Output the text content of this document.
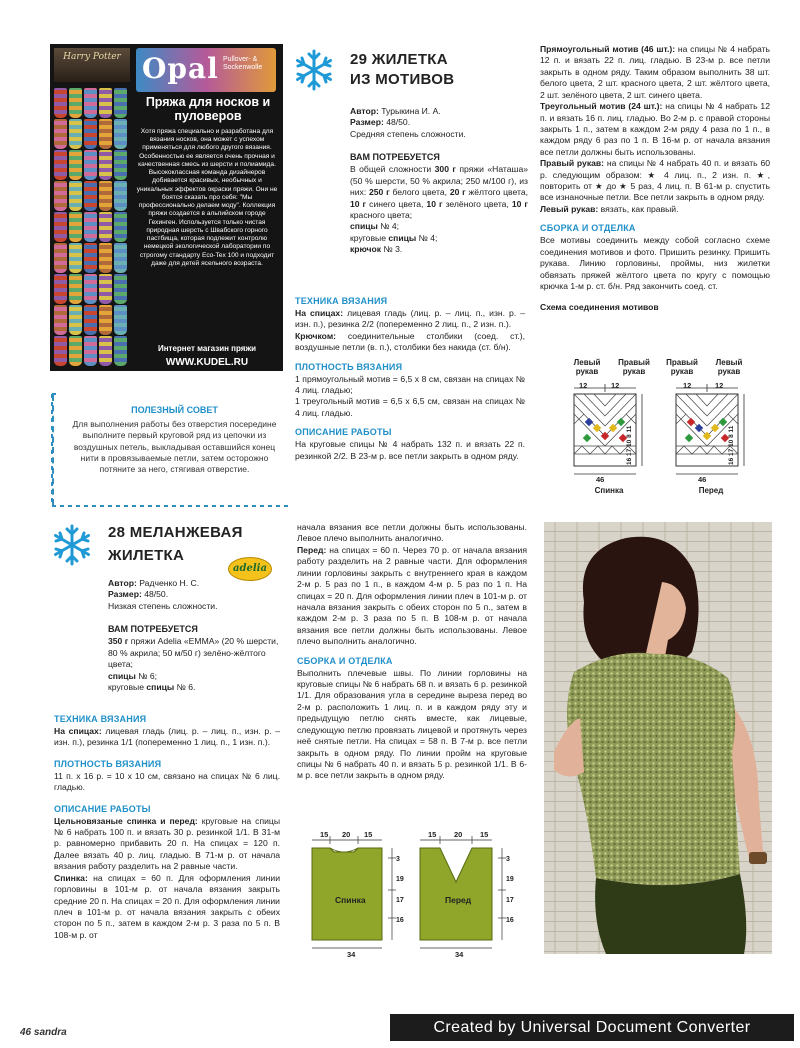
Harry Potter Opal Pullover- & Sockenwolle
Пряжа для носков и пуловеров
Хотя пряжа специально и разработана для вязания носков, она может с успехом применяться для любого другого вязания. Особенностью ее является очень прочная и качественная смесь из шерсти и полиамида. Высококлассная команда дизайнеров добивается красивых, необычных и уникальных эффектов окраски пряжи. Они не боятся сказать про себя: "Мы профессионально делаем моду". Коллекция пряжи создается в альпийском городе Гехинген. Используется только чистая природная шерсть с Швабского горного пастбища, которая подлежит контролю немецкой экологической лаборатории по строгому стандарту Eco-Tex 100 и подходит даже для детей ясельного возраста.
Интернет магазин пряжи
WWW.KUDEL.RU
Эксклюзивный дистрибьютер пряжи в России ООО „Тетра".
(495) 505-50-28
ПОЛЕЗНЫЙ СОВЕТ
Для выполнения работы без отверстия посередине выполните первый круговой ряд из цепочки из воздушных петель, выкладывая оставшийся конец нити в провязываемые петли, затем осторожно потяните за него, стягивая отверстие.
29 ЖИЛЕТКА
ИЗ МОТИВОВ

Автор: Турыкина И. А.

Размер: 48/50.

Средняя степень сложности.

ВАМ ПОТРЕБУЕТСЯ

В общей сложности 300 г пряжи «Наташа» (50 % шерсти, 50 % акрила; 250 м/100 г), из них: 250 г белого цвета, 20 г жёлтого цвета, 10 г синего цвета, 10 г зелёного цвета, 10 г красного цвета;

спицы № 4;

круговые спицы № 4;

крючок № 3.

ТЕХНИКА ВЯЗАНИЯ

На спицах: лицевая гладь (лиц. р. – лиц. п., изн. р. – изн. п.), резинка 2/2 (попеременно 2 лиц. п., 2 изн. п.).

Крючком: соединительные столбики (соед. ст.), воздушные петли (в. п.), столбики без накида (ст. б/н).

ПЛОТНОСТЬ ВЯЗАНИЯ

1 прямоугольный мотив = 6,5 х 8 см, связан на спицах № 4 лиц. гладью;

1 треугольный мотив = 6,5 х 6,5 см, связан на спицах № 4 лиц. гладью.

ОПИСАНИЕ РАБОТЫ

На круговые спицы № 4 набрать 132 п. и вязать 22 п. резинкой 2/2. В 23-м р. все петли закрыть в одном ряду.

Прямоугольный мотив (46 шт.): на спицы № 4 набрать 12 п. и вязать 22 п. лиц. гладью. В 23-м р. все петли закрыть в одном ряду. Таким образом выполнить 38 шт. белого цвета, 2 шт. красного цвета, 2 шт. жёлтого цвета, 2 шт. зелёного цвета, 2 шт. синего цвета.

Треугольный мотив (24 шт.): на спицы № 4 набрать 12 п. и вязать 16 п. лиц. гладью. Во 2-м р. с правой стороны закрыть 1 п., затем в каждом 2-м ряду 4 раза по 1 п., в каждом ряду 6 раз по 1 п. В 16-м р. от начала вязания все петли должны быть использованы.

Правый рукав: на спицы № 4 набрать 40 п. и вязать 60 р. следующим образом: ★ 4 лиц. п., 2 изн. п. ★, повторить от ★ до ★ 5 раз, 4 лиц. п. В 61-м р. спустить все изнаночные петли. Все петли закрыть в одном ряду.

Левый рукав: вязать, как правый.

СБОРКА И ОТДЕЛКА

Все мотивы соединить между собой согласно схеме соединения мотивов и фото. Пришить резинку. Пришить рукава. Линию горловины, проймы, низ жилетки обвязать пряжей жёлтого цвета по кругу с помощью крючка 1-м р. ст. б/н. Ряд закончить соед. ст.

Схема соединения мотивов

Левый рукав
Правый рукав
Правый рукав
Левый рукав
12	12	12	12
46	46
16 17 10 8 11	16 17 10 8 11
Спинка	Перед
28 МЕЛАНЖЕВАЯ
ЖИЛЕТКА
adelia

Автор: Радченко Н. С.

Размер: 48/50.

Низкая степень сложности.

ВАМ ПОТРЕБУЕТСЯ

350 г пряжи Adelia «EMMA» (20 % шерсти, 80 % акрила; 50 м/50 г) зелёно-жёлтого цвета;

спицы № 6;

круговые спицы № 6.

ТЕХНИКА ВЯЗАНИЯ

На спицах: лицевая гладь (лиц. р. – лиц. п., изн. р. – изн. п.), резинка 1/1 (попеременно 1 лиц. п., 1 изн. п.).

ПЛОТНОСТЬ ВЯЗАНИЯ

11 п. х 16 р. = 10 х 10 см, связано на спицах № 6 лиц. гладью.

ОПИСАНИЕ РАБОТЫ

Цельновязаные спинка и перед: круговые на спицы № 6 набрать 100 п. и вязать 30 р. резинкой 1/1. В 31-м р. равномерно прибавить 20 п. На спицах = 120 п. Далее вязать 40 р. лиц. гладью. В 71-м р. от начала вязания работу разделить на 2 равные части.

Спинка: на спицах = 60 п. Для оформления линии горловины в 101-м р. от начала вязания закрыть средние 20 п. На спицах = 20 п. Для оформления линии плеч в 101-м р. от начала вязания закрыть с обеих сторон по 5 п., затем в каждом 2-м р. 3 раза по 5 п. В 108-м р. от

начала вязания все петли должны быть использованы. Левое плечо выполнить аналогично.

Перед: на спицах = 60 п. Через 70 р. от начала вязания работу разделить на 2 равные части. Для оформления линии горловины закрыть с внутреннего края в каждом 2-м р. 5 раз по 1 п., в каждом 4-м р. 5 раз по 1 п. На спицах = 20 п. Для оформления линии плеч в 101-м р. от начала вязания закрыть с обеих сторон по 5 п., затем в каждом 2-м р. 3 раза по 5 п. В 108-м р. от начала вязания все петли должны быть использованы. Левое плечо выполнить аналогично.

СБОРКА И ОТДЕЛКА

Выполнить плечевые швы. По линии горловины на круговые спицы № 6 набрать 68 п. и вязать 6 р. резинкой 1/1. Для образования угла в середине выреза перед во 2-м р. расположить 1 лиц. п. и в каждом ряду эту и предыдущую петлю снять вместе, как лицевые, следующую петлю провязать лицевой и протянуть через неё снятые петли. На спицах = 58 п. В 7-м р. все петли закрыть в одном ряду. По линии пройм на круговые спицы № 6 набрать 40 п. и вязать 5 р. резинкой 1/1. В 6-м р. все петли закрыть в одном ряду.

15 20 15	15 20 15
34	34
3
19
17
16
3
19
17
16
Спинка	Перед
46 sandra	Created by Universal Document Converter
